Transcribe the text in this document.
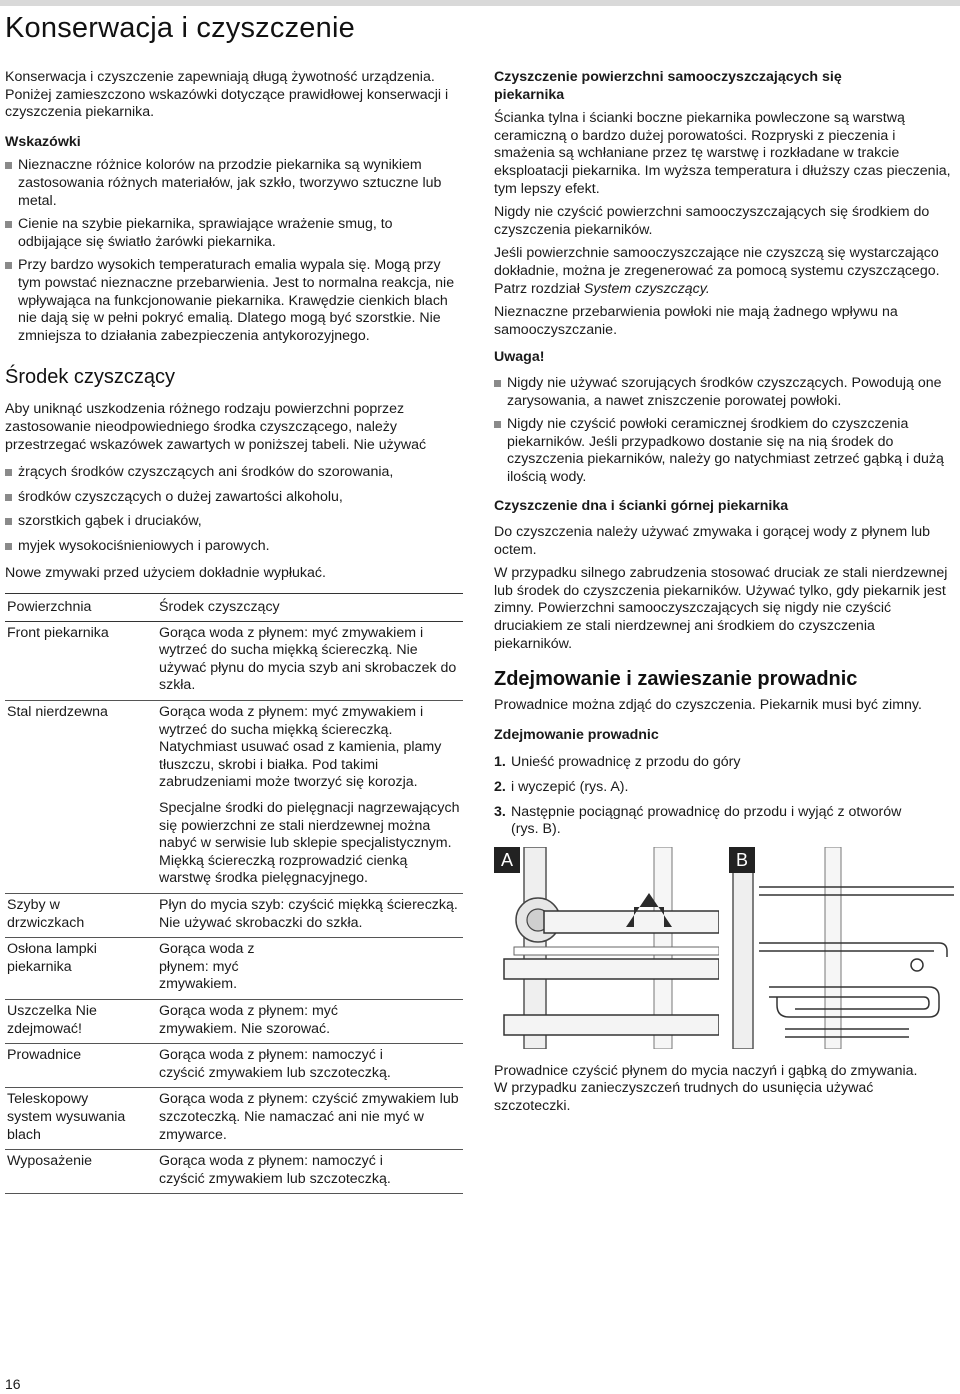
Konserwacja i czyszczenie

Konserwacja i czyszczenie zapewniają długą żywotność urządzenia. Poniżej zamieszczono wskazówki dotyczące prawidłowej konserwacji i czyszczenia piekarnika.

Wskazówki
Nieznaczne różnice kolorów na przodzie piekarnika są wynikiem zastosowania różnych materiałów, jak szkło, tworzywo sztuczne lub metal.
Cienie na szybie piekarnika, sprawiające wrażenie smug, to odbijające się światło żarówki piekarnika.
Przy bardzo wysokich temperaturach emalia wypala się. Mogą przy tym powstać nieznaczne przebarwienia. Jest to normalna reakcja, nie wpływająca na funkcjonowanie piekarnika. Krawędzie cienkich blach nie dają się w pełni pokryć emalią. Dlatego mogą być szorstkie. Nie zmniejsza to działania zabezpieczenia antykorozyjnego.
Środek czyszczący

Aby uniknąć uszkodzenia różnego rodzaju powierzchni poprzez zastosowanie nieodpowiedniego środka czyszczącego, należy przestrzegać wskazówek zawartych w poniższej tabeli. Nie używać

żrących środków czyszczących ani środków do szorowania,
środków czyszczących o dużej zawartości alkoholu,
szorstkich gąbek i druciaków,
myjek wysokociśnieniowych i parowych.

Nowe zmywaki przed użyciem dokładnie wypłukać.

Powierzchnia	Środek czyszczący
Front piekarnika	Gorąca woda z płynem: myć zmywakiem i wytrzeć do sucha miękką ściereczką. Nie używać płynu do mycia szyb ani skrobaczek do szkła.

Stal nierdzewna	Gorąca woda z płynem: myć zmywakiem i wytrzeć do sucha miękką ściereczką. Natychmiast usuwać osad z kamienia, plamy tłuszczu, skrobi i białka. Pod takimi zabrudzeniami może tworzyć się korozja.

Specjalne środki do pielęgnacji nagrzewających się powierzchni ze stali nierdzewnej można nabyć w serwisie lub sklepie specjalistycznym. Miękką ściereczką rozprowadzić cienką warstwę środka pielęgnacyjnego.

Szyby w drzwiczkach	Płyn do mycia szyb: czyścić miękką ściereczką. Nie używać skrobaczki do szkła.

Osłona lampki piekarnika	Gorąca woda z płynem: myć zmywakiem.

Uszczelka Nie zdejmować!	Gorąca woda z płynem: myć zmywakiem. Nie szorować.

Prowadnice	Gorąca woda z płynem: namoczyć i czyścić zmywakiem lub szczoteczką.

Teleskopowy system wysuwania blach	Gorąca woda z płynem: czyścić zmywakiem lub szczoteczką. Nie namaczać ani nie myć w zmywarce.

Wyposażenie	Gorąca woda z płynem: namoczyć i czyścić zmywakiem lub szczoteczką.

Czyszczenie powierzchni samooczyszczających się piekarnika

Ścianka tylna i ścianki boczne piekarnika powleczone są warstwą ceramiczną o bardzo dużej porowatości. Rozpryski z pieczenia i smażenia są wchłaniane przez tę warstwę i rozkładane w trakcie eksploatacji piekarnika. Im wyższa temperatura i dłuższy czas pieczenia, tym lepszy efekt.

Nigdy nie czyścić powierzchni samooczyszczających się środkiem do czyszczenia piekarników.

Jeśli powierzchnie samooczyszczające nie czyszczą się wystarczająco dokładnie, można je zregenerować za pomocą systemu czyszczącego. Patrz rozdział System czyszczący.

Nieznaczne przebarwienia powłoki nie mają żadnego wpływu na samooczyszczanie.

Uwaga!
Nigdy nie używać szorujących środków czyszczących. Powodują one zarysowania, a nawet zniszczenie porowatej powłoki.
Nigdy nie czyścić powłoki ceramicznej środkiem do czyszczenia piekarników. Jeśli przypadkowo dostanie się na nią środek do czyszczenia piekarników, należy go natychmiast zetrzeć gąbką i dużą ilością wody.
Czyszczenie dna i ścianki górnej piekarnika

Do czyszczenia należy używać zmywaka i gorącej wody z płynem lub octem.

W przypadku silnego zabrudzenia stosować druciak ze stali nierdzewnej lub środek do czyszczenia piekarników. Używać tylko, gdy piekarnik jest zimny. Powierzchni samooczyszczających się nigdy nie czyścić druciakiem ze stali nierdzewnej ani środkiem do czyszczenia piekarników.

Zdejmowanie i zawieszanie prowadnic

Prowadnice można zdjąć do czyszczenia. Piekarnik musi być zimny.

Zdejmowanie prowadnic
1. Unieść prowadnicę z przodu do góry
2. i wyczepić (rys. A).
3. Następnie pociągnąć prowadnicę do przodu i wyjąć z otworów (rys. B).
A	B

Prowadnice czyścić płynem do mycia naczyń i gąbką do zmywania. W przypadku zanieczyszczeń trudnych do usunięcia używać szczoteczki.

16
